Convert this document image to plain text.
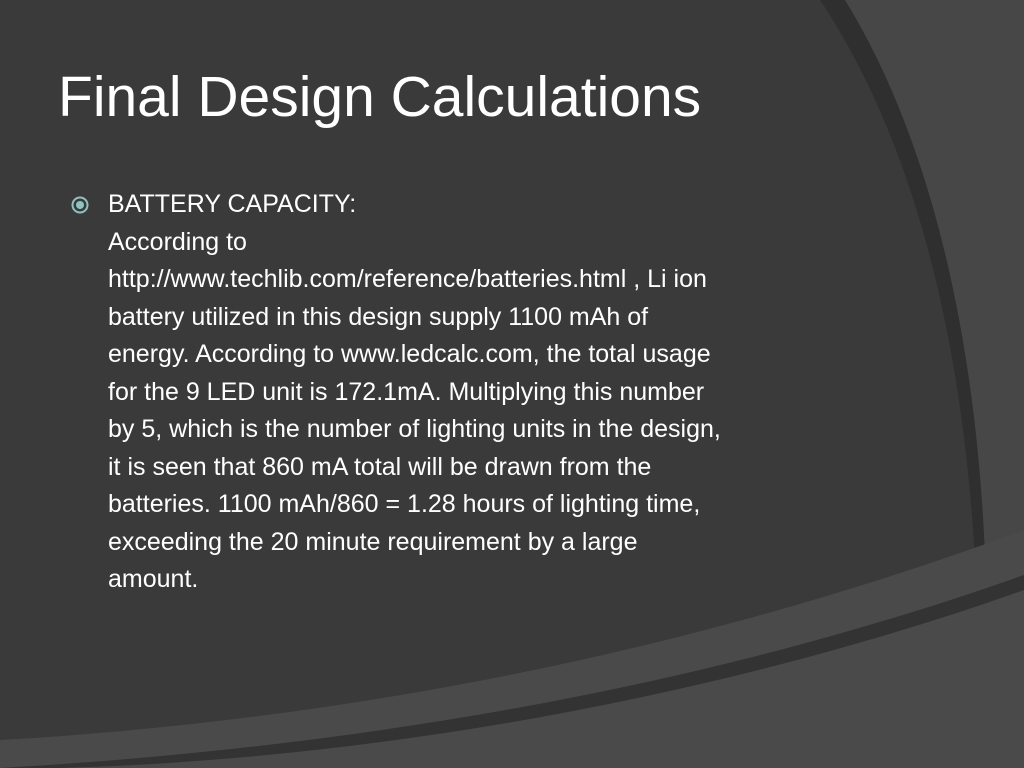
Final Design Calculations
BATTERY CAPACITY:
According to
http://www.techlib.com/reference/batteries.html , Li ion
battery utilized in this design supply 1100 mAh of
energy. According to www.ledcalc.com, the total usage
for the 9 LED unit is 172.1mA. Multiplying this number
by 5, which is the number of lighting units in the design,
it is seen that 860 mA total will be drawn from the
batteries. 1100 mAh/860 = 1.28 hours of lighting time,
exceeding the 20 minute requirement by a large
amount.
